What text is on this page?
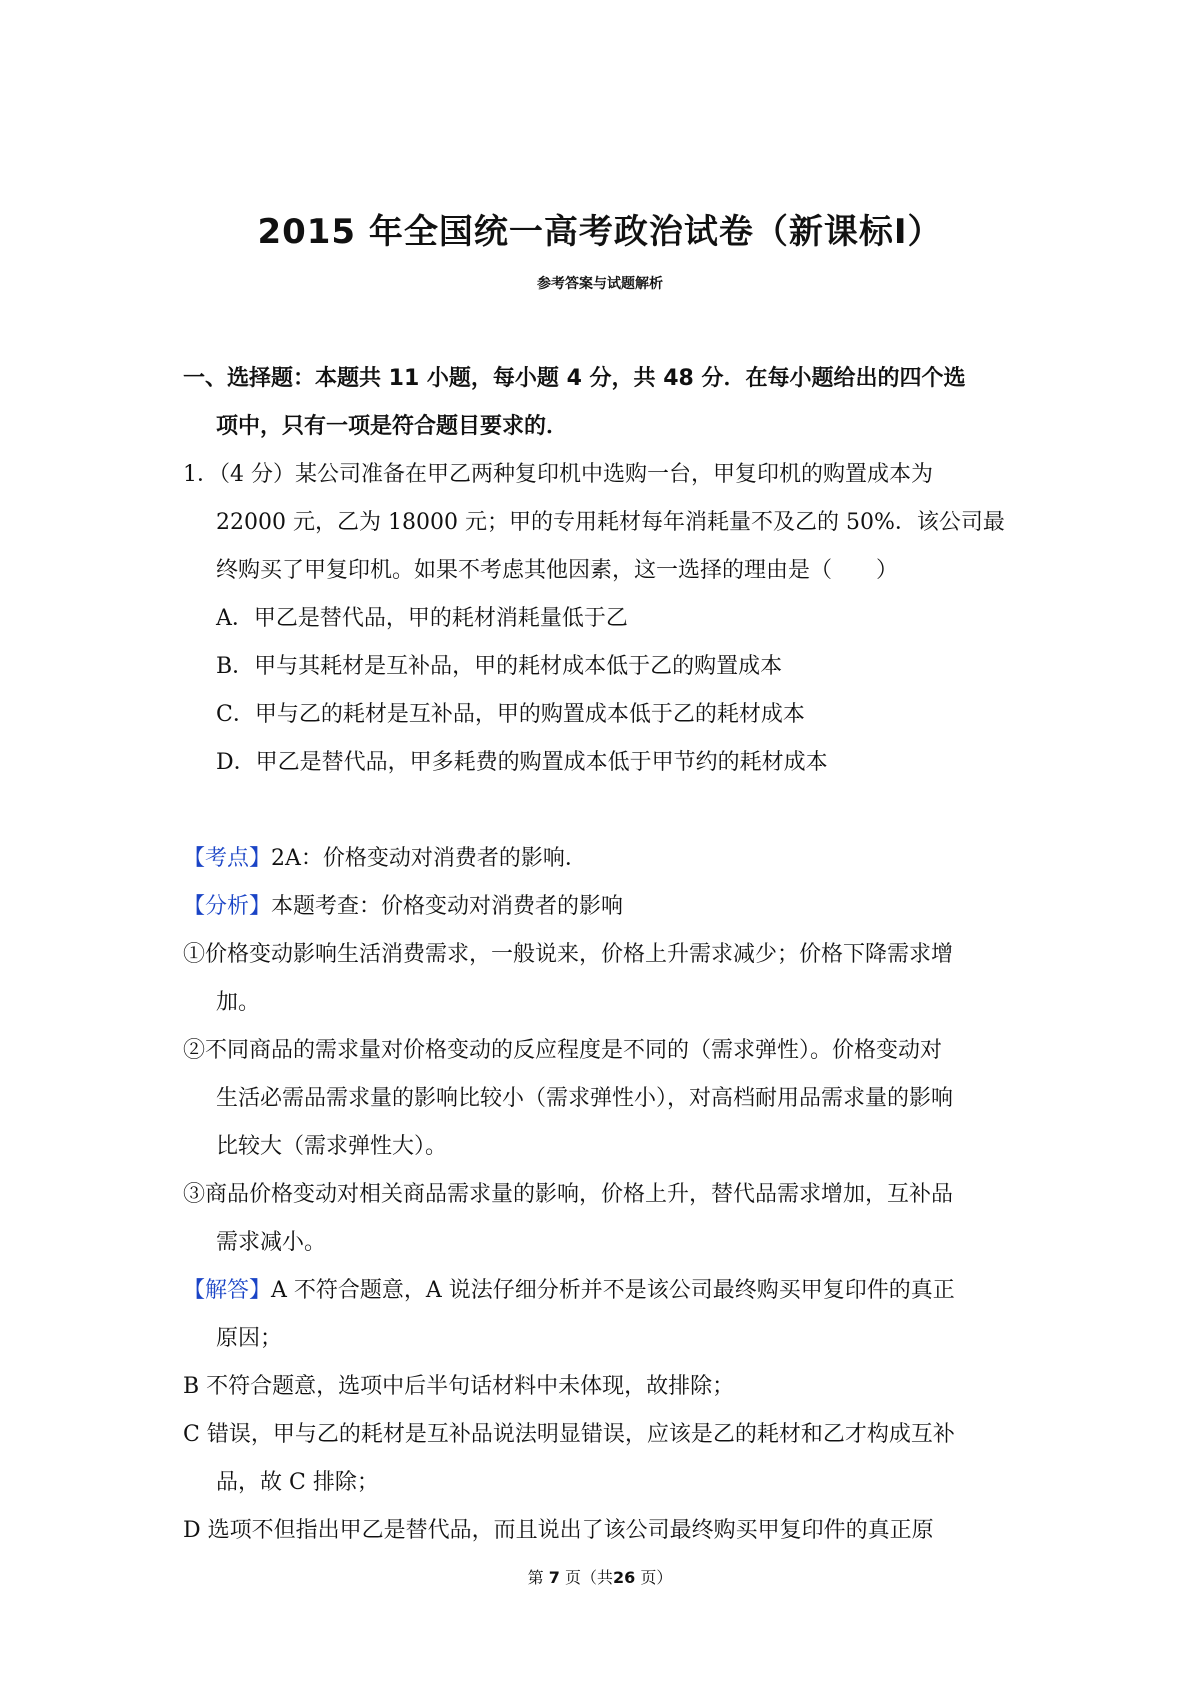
2015 年全国统一高考政治试卷（新课标Ⅰ）
参考答案与试题解析
一、选择题：本题共 11 小题，每小题 4 分，共 48 分．在每小题给出的四个选
项中，只有一项是符合题目要求的．
1．（4 分）某公司准备在甲乙两种复印机中选购一台，甲复印机的购置成本为
22000 元，乙为 18000 元；甲的专用耗材每年消耗量不及乙的 50%．该公司最
终购买了甲复印机。如果不考虑其他因素，这一选择的理由是（　　）
A．甲乙是替代品，甲的耗材消耗量低于乙
B．甲与其耗材是互补品，甲的耗材成本低于乙的购置成本
C．甲与乙的耗材是互补品，甲的购置成本低于乙的耗材成本
D．甲乙是替代品，甲多耗费的购置成本低于甲节约的耗材成本
【考点】2A：价格变动对消费者的影响．
【分析】本题考查：价格变动对消费者的影响
①价格变动影响生活消费需求，一般说来，价格上升需求减少；价格下降需求增
加。
②不同商品的需求量对价格变动的反应程度是不同的（需求弹性）。价格变动对
生活必需品需求量的影响比较小（需求弹性小），对高档耐用品需求量的影响
比较大（需求弹性大）。
③商品价格变动对相关商品需求量的影响，价格上升，替代品需求增加，互补品
需求减小。
【解答】A 不符合题意，A 说法仔细分析并不是该公司最终购买甲复印件的真正
原因；
B 不符合题意，选项中后半句话材料中未体现，故排除；
C 错误，甲与乙的耗材是互补品说法明显错误，应该是乙的耗材和乙才构成互补
品，故 C 排除；
D 选项不但指出甲乙是替代品，而且说出了该公司最终购买甲复印件的真正原
第 7 页（共26 页）
